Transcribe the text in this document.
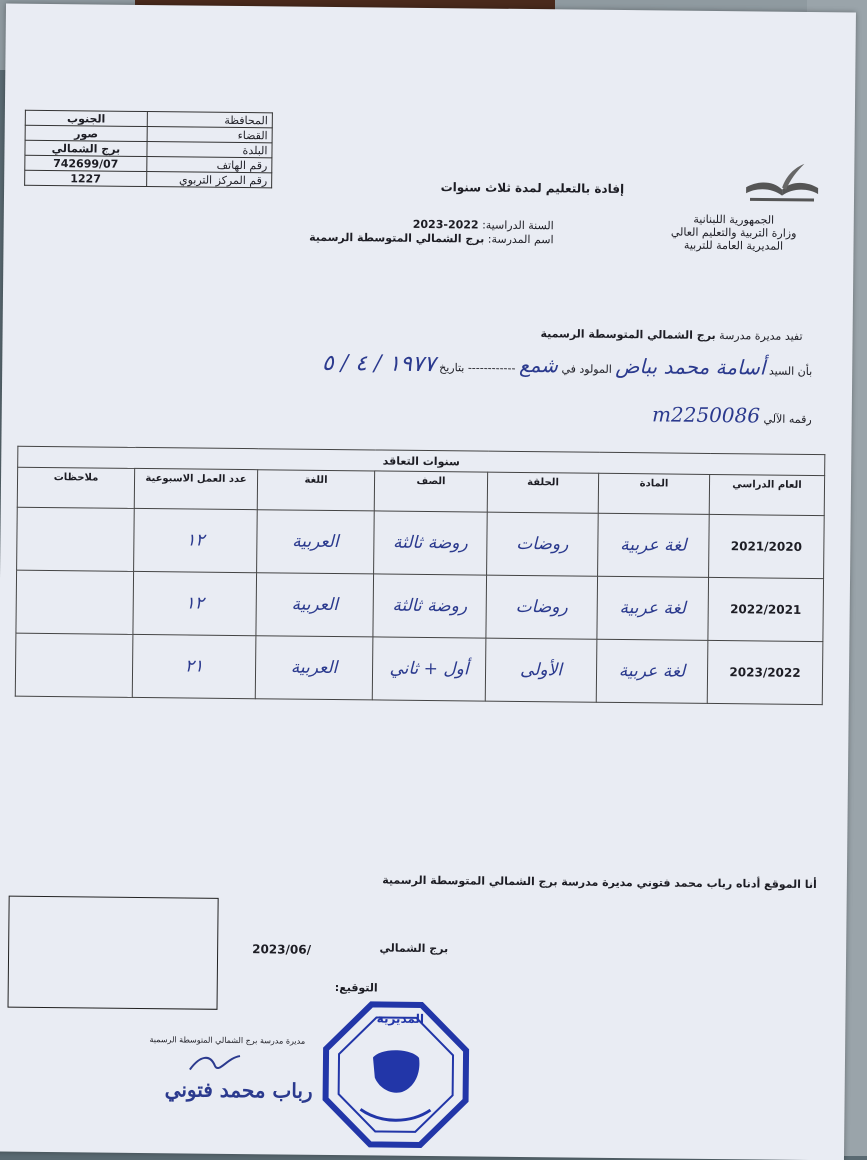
المحافظة	الجنوب
القضاء	صور
البلدة	برج الشمالي
رقم الهاتف	742699/07
رقم المركز التربوي	1227
إفادة بالتعليم لمدة ثلاث سنوات
الجمهورية اللبنانية
وزارة التربية والتعليم العالي
المديرية العامة للتربية
السنة الدراسية: 2022-2023
اسم المدرسة: برج الشمالي المتوسطة الرسمية
تفيد مديرة مدرسة برج الشمالي المتوسطة الرسمية
بأن السيد أسامة محمد بباض المولود في شمع ------------ بتاريخ ١٩٧٧ / ٤ / ٥
رقمه الآلي m2250086
سنوات التعاقد						
العام الدراسي	المادة	الحلقة	الصف	اللغة	عدد العمل الاسبوعية	ملاحظات
2021/2020	لغة عربية	روضات	روضة ثالثة	العربية	١٢	
2022/2021	لغة عربية	روضات	روضة ثالثة	العربية	١٢	
2023/2022	لغة عربية	الأولى	أول + ثاني	العربية	٢١	
أنا الموقع أدناه رباب محمد فتوني مديرة مدرسة برج الشمالي المتوسطة الرسمية
برج الشمالي
2023/06/
التوقيع:
مديرة مدرسة برج الشمالي المتوسطة الرسمية
رباب محمد فتوني
المديرية
